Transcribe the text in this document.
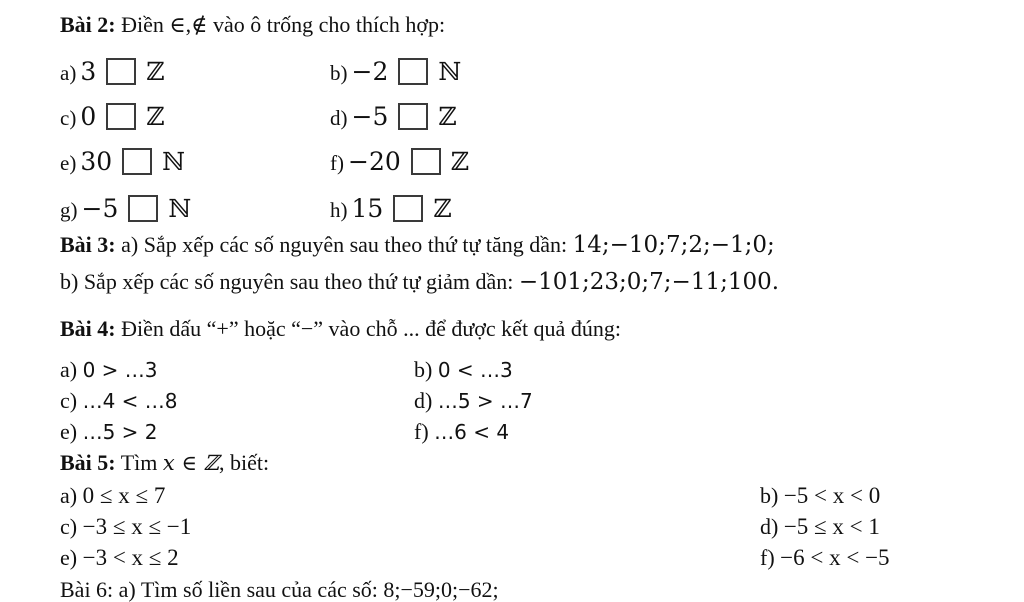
Bài 2: Điền ∈,∉ vào ô trống cho thích hợp:
a) 3 ℤ	b) −2 ℕ
c) 0 ℤ	d) −5 ℤ
e) 30 ℕ	f) −20 ℤ
g) −5 ℕ	h) 15 ℤ
Bài 3: a) Sắp xếp các số nguyên sau theo thứ tự tăng dần: 14;−10;7;2;−1;0;
b) Sắp xếp các số nguyên sau theo thứ tự giảm dần: −101;23;0;7;−11;100.
Bài 4: Điền dấu “+” hoặc “−” vào chỗ ... để được kết quả đúng:
a) 0 > …3	b) 0 < …3
c) …4 < …8	d) …5 > …7
e) …5 > 2	f) …6 < 4
Bài 5: Tìm x ∈ ℤ, biết:
a) 0 ≤ x ≤ 7	b) −5 < x < 0
c) −3 ≤ x ≤ −1	d) −5 ≤ x < 1
e) −3 < x ≤ 2	f) −6 < x < −5
Bài 6: a) Tìm số liền sau của các số: 8;−59;0;−62;
